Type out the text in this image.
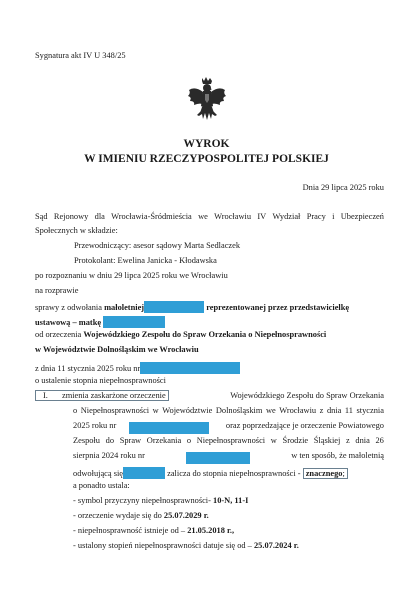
Sygnatura akt IV U 348/25
WYROK
W IMIENIU RZECZYPOSPOLITEJ POLSKIEJ
Dnia 29 lipca 2025 roku
Sąd Rejonowy dla Wrocławia-Śródmieścia we Wrocławiu IV Wydział Pracy i Ubezpieczeń
Społecznych w składzie:
Przewodniczący: asesor sądowy Marta Sedlaczek
Protokolant: Ewelina Janicka - Kłodawska
po rozpoznaniu w dniu 29 lipca 2025 roku we Wrocławiu
na rozprawie
sprawy z odwołania małoletniej	reprezentowanej przez przedstawicielkę
ustawową – matkę
od orzeczenia Wojewódzkiego Zespołu do Spraw Orzekania o Niepełnosprawności
w Województwie Dolnośląskim we Wrocławiu
z dnia 11 stycznia 2025 roku nr
o ustalenie stopnia niepełnosprawności
I. zmienia zaskarżone orzeczenie	Wojewódzkiego Zespołu do Spraw Orzekania
o Niepełnosprawności w Województwie Dolnośląskim we Wrocławiu z dnia 11 stycznia
2025 roku nr	oraz poprzedzające je orzeczenie Powiatowego
Zespołu do Spraw Orzekania o Niepełnosprawności w Środzie Śląskiej z dnia 26
sierpnia 2024 roku nr	w ten sposób, że małoletnią
odwołującą się	zalicza do stopnia niepełnosprawności - znacznego;
a ponadto ustala:
- symbol przyczyny niepełnosprawności- 10-N, 11-I
- orzeczenie wydaje się do 25.07.2029 r.
- niepełnosprawność istnieje od – 21.05.2018 r.,
- ustalony stopień niepełnosprawności datuje się od – 25.07.2024 r.
